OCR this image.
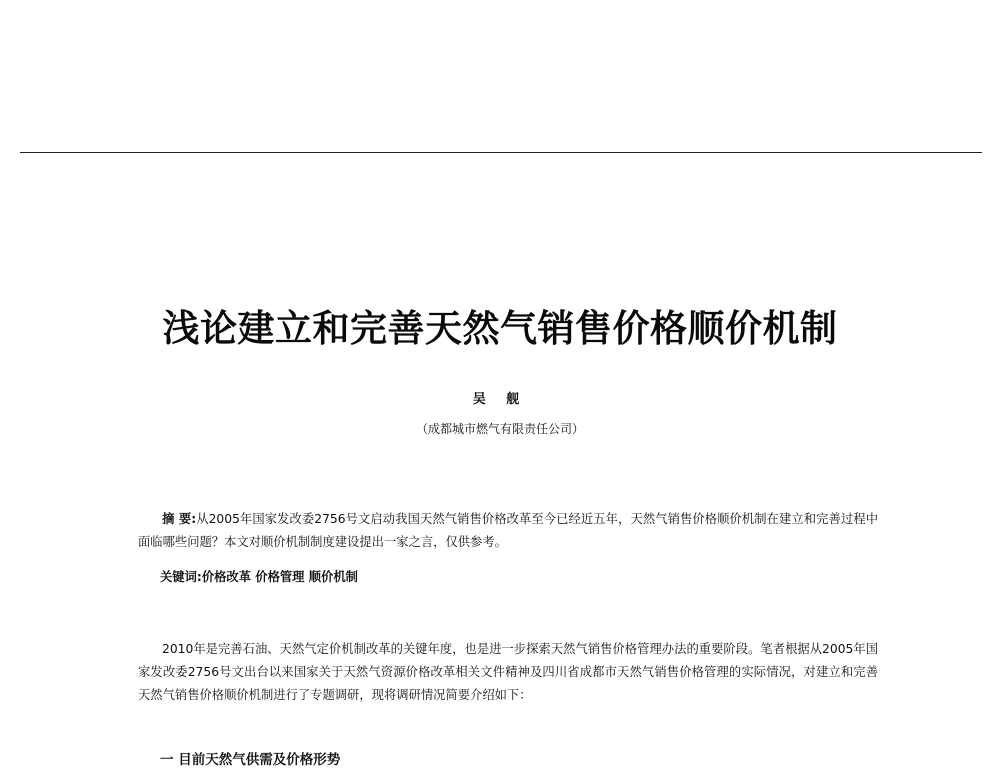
浅论建立和完善天然气销售价格顺价机制
吴 舰
（成都城市燃气有限责任公司）
摘 要:从2005年国家发改委2756号文启动我国天然气销售价格改革至今已经近五年，天然气销售价格顺价机制在建立和完善过程中面临哪些问题？本文对顺价机制制度建设提出一家之言，仅供参考。
关键词:价格改革 价格管理 顺价机制
2010年是完善石油、天然气定价机制改革的关键年度，也是进一步探索天然气销售价格管理办法的重要阶段。笔者根据从2005年国家发改委2756号文出台以来国家关于天然气资源价格改革相关文件精神及四川省成都市天然气销售价格管理的实际情况，对建立和完善天然气销售价格顺价机制进行了专题调研，现将调研情况简要介绍如下：
一 目前天然气供需及价格形势
